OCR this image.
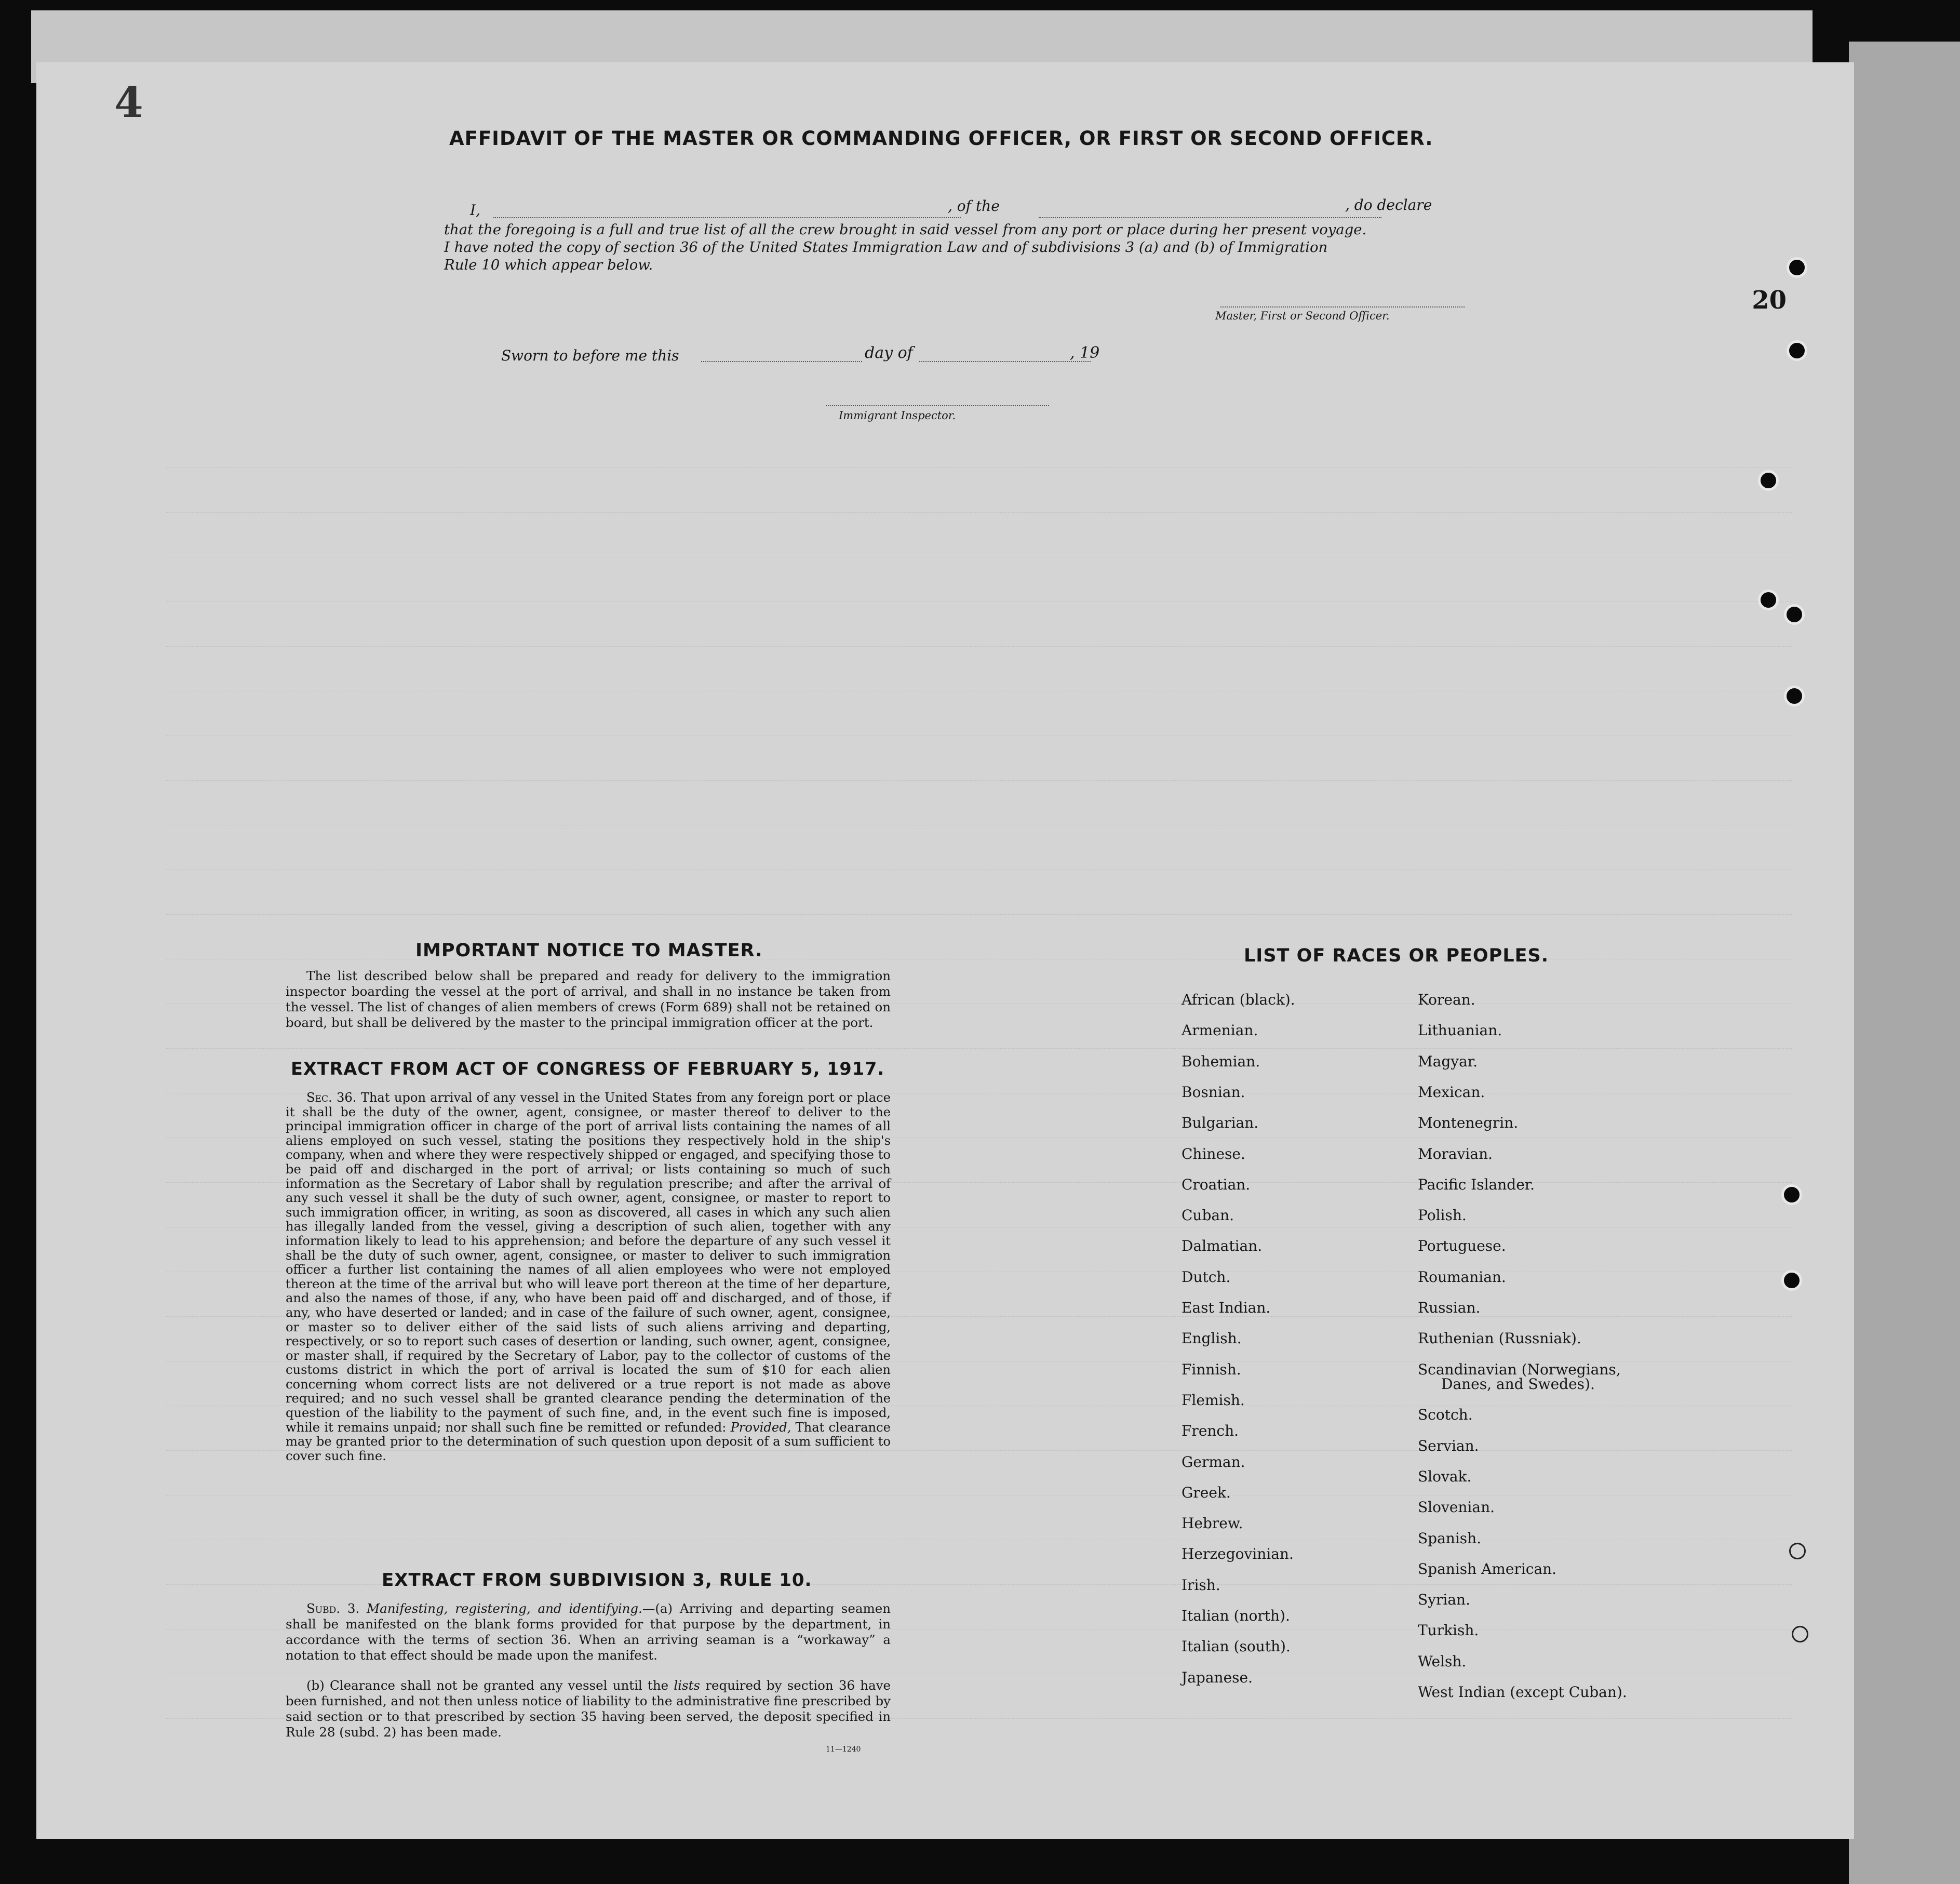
4
20
AFFIDAVIT OF THE MASTER OR COMMANDING OFFICER, OR FIRST OR SECOND OFFICER.
I,	, of the	, do declare
that the foregoing is a full and true list of all the crew brought in said vessel from any port or place during her present voyage.
I have noted the copy of section 36 of the United States Immigration Law and of subdivisions 3 (a) and (b) of Immigration
Rule 10 which appear below.
Master, First or Second Officer.
Sworn to before me this	day of	, 19
Immigrant Inspector.
IMPORTANT NOTICE TO MASTER.
The list described below shall be prepared and ready for delivery to the immigration inspector boarding the vessel at the port of arrival, and shall in no instance be taken from the vessel. The list of changes of alien members of crews (Form 689) shall not be retained on board, but shall be delivered by the master to the principal immigration officer at the port.
EXTRACT FROM ACT OF CONGRESS OF FEBRUARY 5, 1917.
Sec. 36. That upon arrival of any vessel in the United States from any foreign port or place it shall be the duty of the owner, agent, consignee, or master thereof to deliver to the principal immigration officer in charge of the port of arrival lists containing the names of all aliens employed on such vessel, stating the positions they respectively hold in the ship's company, when and where they were respectively shipped or engaged, and specifying those to be paid off and discharged in the port of arrival; or lists containing so much of such information as the Secretary of Labor shall by regulation prescribe; and after the arrival of any such vessel it shall be the duty of such owner, agent, consignee, or master to report to such immigration officer, in writing, as soon as discovered, all cases in which any such alien has illegally landed from the vessel, giving a description of such alien, together with any information likely to lead to his apprehension; and before the departure of any such vessel it shall be the duty of such owner, agent, consignee, or master to deliver to such immigration officer a further list containing the names of all alien employees who were not employed thereon at the time of the arrival but who will leave port thereon at the time of her departure, and also the names of those, if any, who have been paid off and discharged, and of those, if any, who have deserted or landed; and in case of the failure of such owner, agent, consignee, or master so to deliver either of the said lists of such aliens arriving and departing, respectively, or so to report such cases of desertion or landing, such owner, agent, consignee, or master shall, if required by the Secretary of Labor, pay to the collector of customs of the customs district in which the port of arrival is located the sum of $10 for each alien concerning whom correct lists are not delivered or a true report is not made as above required; and no such vessel shall be granted clearance pending the determination of the question of the liability to the payment of such fine, and, in the event such fine is imposed, while it remains unpaid; nor shall such fine be remitted or refunded: Provided, That clearance may be granted prior to the determination of such question upon deposit of a sum sufficient to cover such fine.
EXTRACT FROM SUBDIVISION 3, RULE 10.
Subd. 3. Manifesting, registering, and identifying.—(a) Arriving and departing seamen shall be manifested on the blank forms provided for that purpose by the department, in accordance with the terms of section 36. When an arriving seaman is a “workaway” a notation to that effect should be made upon the manifest.
(b) Clearance shall not be granted any vessel until the lists required by section 36 have been furnished, and not then unless notice of liability to the administrative fine prescribed by said section or to that prescribed by section 35 having been served, the deposit specified in Rule 28 (subd. 2) has been made.
11—1240
LIST OF RACES OR PEOPLES.
African (black).
Armenian.
Bohemian.
Bosnian.
Bulgarian.
Chinese.
Croatian.
Cuban.
Dalmatian.
Dutch.
East Indian.
English.
Finnish.
Flemish.
French.
German.
Greek.
Hebrew.
Herzegovinian.
Irish.
Italian (north).
Italian (south).
Japanese.
Korean.
Lithuanian.
Magyar.
Mexican.
Montenegrin.
Moravian.
Pacific Islander.
Polish.
Portuguese.
Roumanian.
Russian.
Ruthenian (Russniak).
Scandinavian (Norwegians,
Danes, and Swedes).
Scotch.
Servian.
Slovak.
Slovenian.
Spanish.
Spanish American.
Syrian.
Turkish.
Welsh.
West Indian (except Cuban).
